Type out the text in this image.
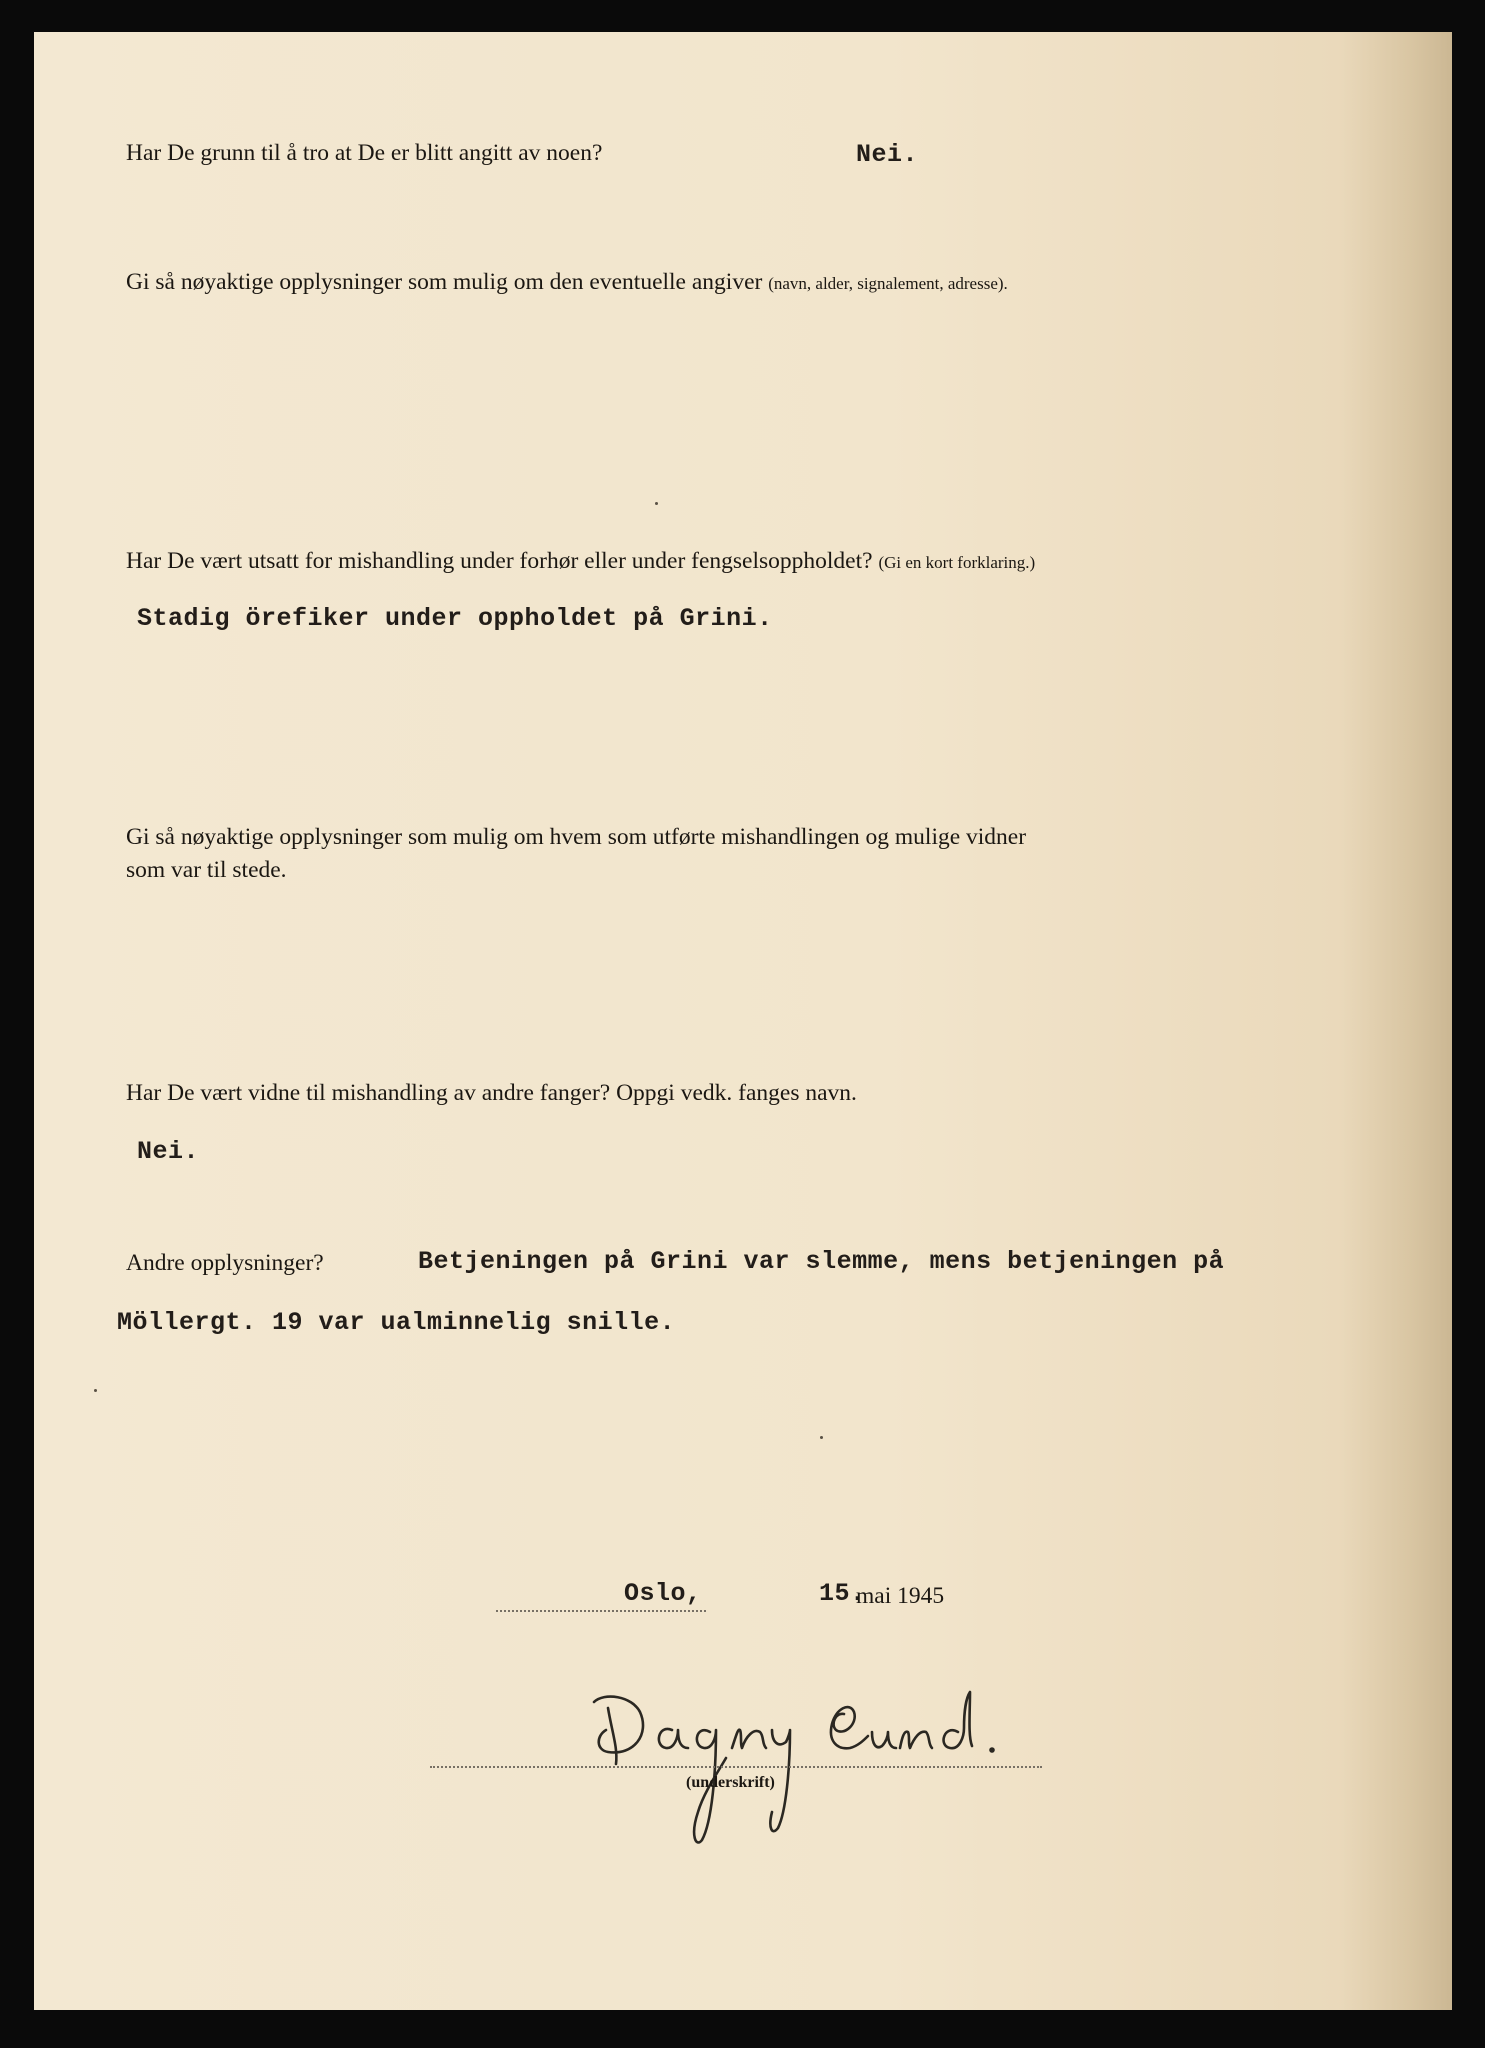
Har De grunn til å tro at De er blitt angitt av noen?	Nei.
Gi så nøyaktige opplysninger som mulig om den eventuelle angiver (navn, alder, signalement, adresse).
Har De vært utsatt for mishandling under forhør eller under fengselsoppholdet? (Gi en kort forklaring.)
Stadig örefiker under oppholdet på Grini.
Gi så nøyaktige opplysninger som mulig om hvem som utførte mishandlingen og mulige vidner
som var til stede.
Har De vært vidne til mishandling av andre fanger? Oppgi vedk. fanges navn.
Nei.
Andre opplysninger?	Betjeningen på Grini var slemme, mens betjeningen på
Möllergt. 19 var ualminnelig snille.
Oslo,	15.
mai 1945
(underskrift)
